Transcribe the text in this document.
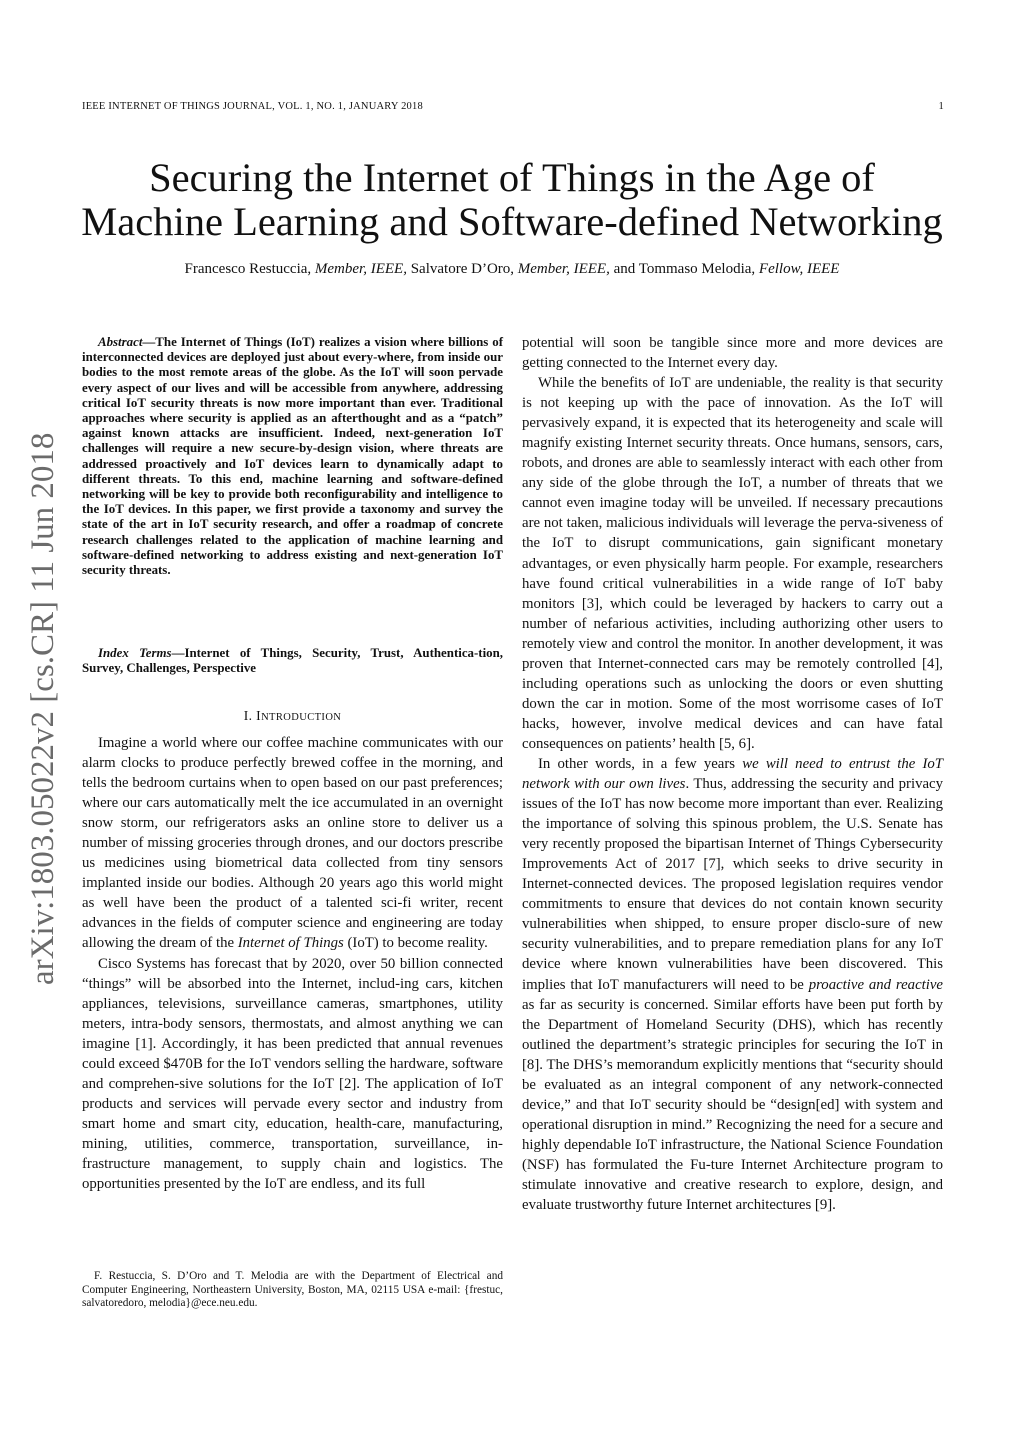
IEEE INTERNET OF THINGS JOURNAL, VOL. 1, NO. 1, JANUARY 2018	1
Securing the Internet of Things in the Age of
Machine Learning and Software-defined Networking
Francesco Restuccia, Member, IEEE, Salvatore D’Oro, Member, IEEE, and Tommaso Melodia, Fellow, IEEE
arXiv:1803.05022v2 [cs.CR] 11 Jun 2018

Abstract—The Internet of Things (IoT) realizes a vision where billions of interconnected devices are deployed just about every-where, from inside our bodies to the most remote areas of the globe. As the IoT will soon pervade every aspect of our lives and will be accessible from anywhere, addressing critical IoT security threats is now more important than ever. Traditional approaches where security is applied as an afterthought and as a “patch” against known attacks are insufficient. Indeed, next-generation IoT challenges will require a new secure-by-design vision, where threats are addressed proactively and IoT devices learn to dynamically adapt to different threats. To this end, machine learning and software-defined networking will be key to provide both reconfigurability and intelligence to the IoT devices. In this paper, we first provide a taxonomy and survey the state of the art in IoT security research, and offer a roadmap of concrete research challenges related to the application of machine learning and software-defined networking to address existing and next-generation IoT security threats.

Index Terms—Internet of Things, Security, Trust, Authentica-tion, Survey, Challenges, Perspective

I. INTRODUCTION

Imagine a world where our coffee machine communicates with our alarm clocks to produce perfectly brewed coffee in the morning, and tells the bedroom curtains when to open based on our past preferences; where our cars automatically melt the ice accumulated in an overnight snow storm, our refrigerators asks an online store to deliver us a number of missing groceries through drones, and our doctors prescribe us medicines using biometrical data collected from tiny sensors implanted inside our bodies. Although 20 years ago this world might as well have been the product of a talented sci-fi writer, recent advances in the fields of computer science and engineering are today allowing the dream of the Internet of Things (IoT) to become reality.

Cisco Systems has forecast that by 2020, over 50 billion connected “things” will be absorbed into the Internet, includ-ing cars, kitchen appliances, televisions, surveillance cameras, smartphones, utility meters, intra-body sensors, thermostats, and almost anything we can imagine [1]. Accordingly, it has been predicted that annual revenues could exceed $470B for the IoT vendors selling the hardware, software and comprehen-sive solutions for the IoT [2]. The application of IoT products and services will pervade every sector and industry from smart home and smart city, education, health-care, manufacturing, mining, utilities, commerce, transportation, surveillance, in-frastructure management, to supply chain and logistics. The opportunities presented by the IoT are endless, and its full

potential will soon be tangible since more and more devices are getting connected to the Internet every day.

While the benefits of IoT are undeniable, the reality is that security is not keeping up with the pace of innovation. As the IoT will pervasively expand, it is expected that its heterogeneity and scale will magnify existing Internet security threats. Once humans, sensors, cars, robots, and drones are able to seamlessly interact with each other from any side of the globe through the IoT, a number of threats that we cannot even imagine today will be unveiled. If necessary precautions are not taken, malicious individuals will leverage the perva-siveness of the IoT to disrupt communications, gain significant monetary advantages, or even physically harm people. For example, researchers have found critical vulnerabilities in a wide range of IoT baby monitors [3], which could be leveraged by hackers to carry out a number of nefarious activities, including authorizing other users to remotely view and control the monitor. In another development, it was proven that Internet-connected cars may be remotely controlled [4], including operations such as unlocking the doors or even shutting down the car in motion. Some of the most worrisome cases of IoT hacks, however, involve medical devices and can have fatal consequences on patients’ health [5, 6].

In other words, in a few years we will need to entrust the IoT network with our own lives. Thus, addressing the security and privacy issues of the IoT has now become more important than ever. Realizing the importance of solving this spinous problem, the U.S. Senate has very recently proposed the bipartisan Internet of Things Cybersecurity Improvements Act of 2017 [7], which seeks to drive security in Internet-connected devices. The proposed legislation requires vendor commitments to ensure that devices do not contain known security vulnerabilities when shipped, to ensure proper disclo-sure of new security vulnerabilities, and to prepare remediation plans for any IoT device where known vulnerabilities have been discovered. This implies that IoT manufacturers will need to be proactive and reactive as far as security is concerned. Similar efforts have been put forth by the Department of Homeland Security (DHS), which has recently outlined the department’s strategic principles for securing the IoT in [8]. The DHS’s memorandum explicitly mentions that “security should be evaluated as an integral component of any network-connected device,” and that IoT security should be “design[ed] with system and operational disruption in mind.” Recognizing the need for a secure and highly dependable IoT infrastructure, the National Science Foundation (NSF) has formulated the Fu-ture Internet Architecture program to stimulate innovative and creative research to explore, design, and evaluate trustworthy future Internet architectures [9].

F. Restuccia, S. D’Oro and T. Melodia are with the Department of Electrical and Computer Engineering, Northeastern University, Boston, MA, 02115 USA e-mail: {frestuc, salvatoredoro, melodia}@ece.neu.edu.
